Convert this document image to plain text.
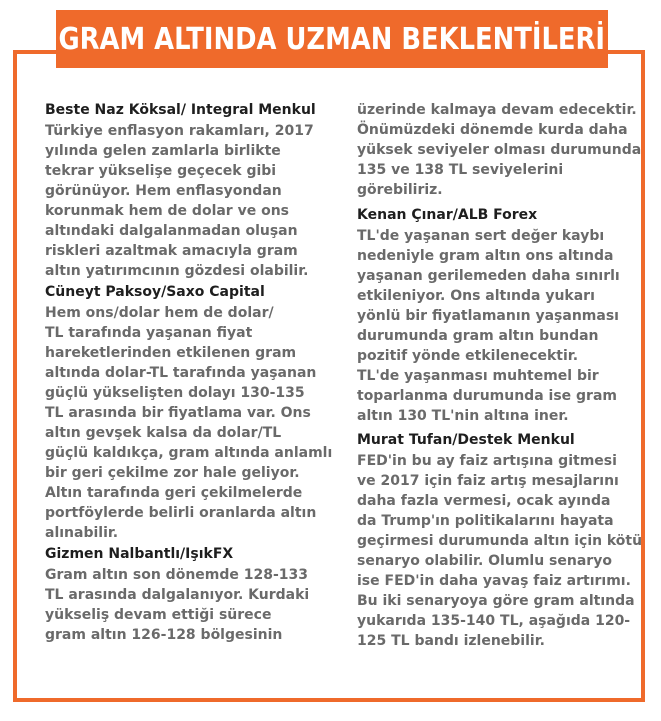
GRAM ALTINDA UZMAN BEKLENTİLERİ
Beste Naz Köksal/ Integral Menkul
Türkiye enflasyon rakamları, 2017
yılında gelen zamlarla birlikte
tekrar yükselişe geçecek gibi
görünüyor. Hem enflasyondan
korunmak hem de dolar ve ons
altındaki dalgalanmadan oluşan
riskleri azaltmak amacıyla gram
altın yatırımcının gözdesi olabilir.
Cüneyt Paksoy/Saxo Capital
Hem ons/dolar hem de dolar/
TL tarafında yaşanan fiyat
hareketlerinden etkilenen gram
altında dolar-TL tarafında yaşanan
güçlü yükselişten dolayı 130-135
TL arasında bir fiyatlama var. Ons
altın gevşek kalsa da dolar/TL
güçlü kaldıkça, gram altında anlamlı
bir geri çekilme zor hale geliyor.
Altın tarafında geri çekilmelerde
portföylerde belirli oranlarda altın
alınabilir.
Gizmen Nalbantlı/IşıkFX
Gram altın son dönemde 128-133
TL arasında dalgalanıyor. Kurdaki
yükseliş devam ettiği sürece
gram altın 126-128 bölgesinin
üzerinde kalmaya devam edecektir.
Önümüzdeki dönemde kurda daha
yüksek seviyeler olması durumunda
135 ve 138 TL seviyelerini
görebiliriz.
Kenan Çınar/ALB Forex
TL'de yaşanan sert değer kaybı
nedeniyle gram altın ons altında
yaşanan gerilemeden daha sınırlı
etkileniyor. Ons altında yukarı
yönlü bir fiyatlamanın yaşanması
durumunda gram altın bundan
pozitif yönde etkilenecektir.
TL'de yaşanması muhtemel bir
toparlanma durumunda ise gram
altın 130 TL'nin altına iner.
Murat Tufan/Destek Menkul
FED'in bu ay faiz artışına gitmesi
ve 2017 için faiz artış mesajlarını
daha fazla vermesi, ocak ayında
da Trump'ın politikalarını hayata
geçirmesi durumunda altın için kötü
senaryo olabilir. Olumlu senaryo
ise FED'in daha yavaş faiz artırımı.
Bu iki senaryoya göre gram altında
yukarıda 135-140 TL, aşağıda 120-
125 TL bandı izlenebilir.
